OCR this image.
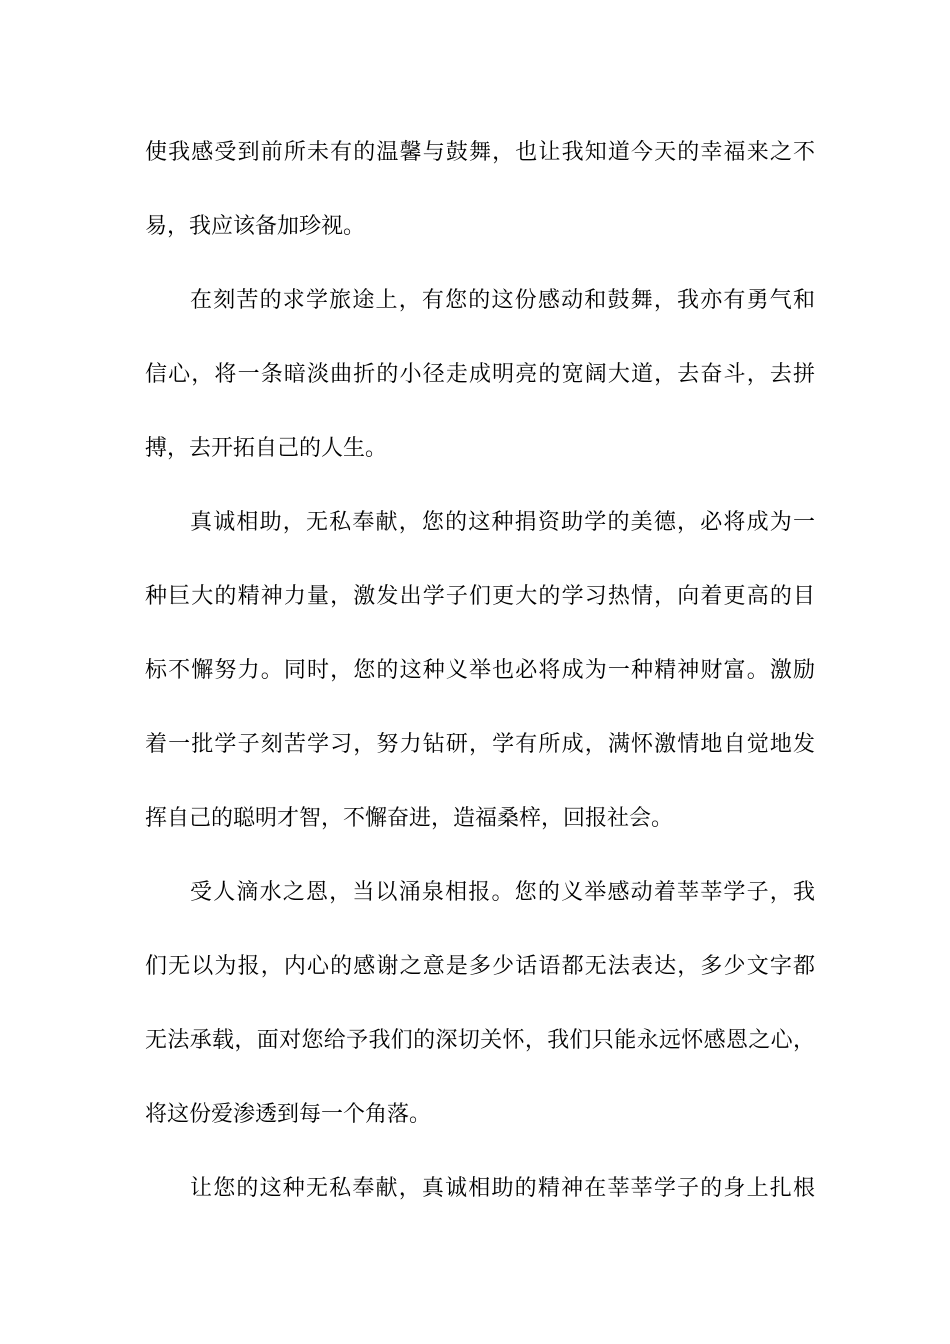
使我感受到前所未有的温馨与鼓舞，也让我知道今天的幸福来之不
易，我应该备加珍视。
在刻苦的求学旅途上，有您的这份感动和鼓舞，我亦有勇气和
信心，将一条暗淡曲折的小径走成明亮的宽阔大道，去奋斗，去拼
搏，去开拓自己的人生。
真诚相助，无私奉献，您的这种捐资助学的美德，必将成为一
种巨大的精神力量，激发出学子们更大的学习热情，向着更高的目
标不懈努力。同时，您的这种义举也必将成为一种精神财富。激励
着一批学子刻苦学习，努力钻研，学有所成，满怀激情地自觉地发
挥自己的聪明才智，不懈奋进，造福桑梓，回报社会。
受人滴水之恩，当以涌泉相报。您的义举感动着莘莘学子，我
们无以为报，内心的感谢之意是多少话语都无法表达，多少文字都
无法承载，面对您给予我们的深切关怀，我们只能永远怀感恩之心，
将这份爱渗透到每一个角落。
让您的这种无私奉献，真诚相助的精神在莘莘学子的身上扎根
